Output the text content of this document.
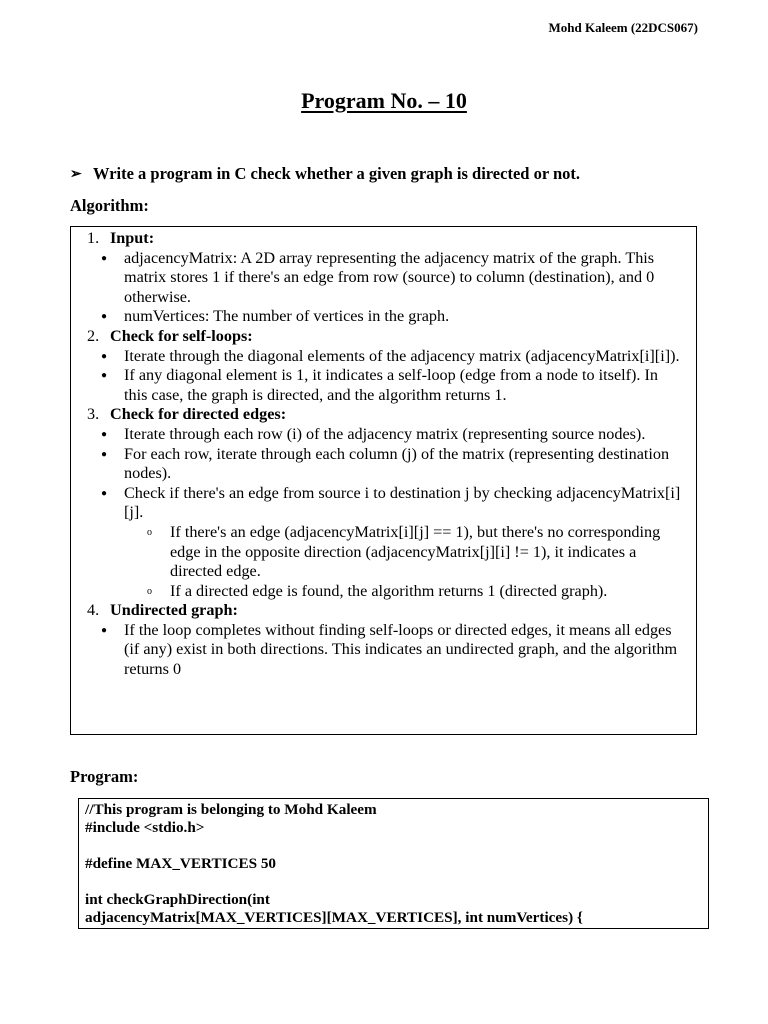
Mohd Kaleem (22DCS067)
Program No. – 10
➢ Write a program in C check whether a given graph is directed or not.
Algorithm:
1. Input:
●	adjacencyMatrix: A 2D array representing the adjacency matrix of the graph. This matrix stores 1 if there's an edge from row (source) to column (destination), and 0 otherwise.
●	numVertices: The number of vertices in the graph.
2. Check for self-loops:
●	Iterate through the diagonal elements of the adjacency matrix (adjacencyMatrix[i][i]).
●	If any diagonal element is 1, it indicates a self-loop (edge from a node to itself). In this case, the graph is directed, and the algorithm returns 1.
3. Check for directed edges:
●	Iterate through each row (i) of the adjacency matrix (representing source nodes).
●	For each row, iterate through each column (j) of the matrix (representing destination nodes).
●	Check if there's an edge from source i to destination j by checking adjacencyMatrix[i][j].
o	If there's an edge (adjacencyMatrix[i][j] == 1), but there's no corresponding edge in the opposite direction (adjacencyMatrix[j][i] != 1), it indicates a directed edge.
o	If a directed edge is found, the algorithm returns 1 (directed graph).
4. Undirected graph:
●	If the loop completes without finding self-loops or directed edges, it means all edges (if any) exist in both directions. This indicates an undirected graph, and the algorithm returns 0
Program:
//This program is belonging to Mohd Kaleem
#include <stdio.h>
#define MAX_VERTICES 50
int checkGraphDirection(int
adjacencyMatrix[MAX_VERTICES][MAX_VERTICES], int numVertices) {
